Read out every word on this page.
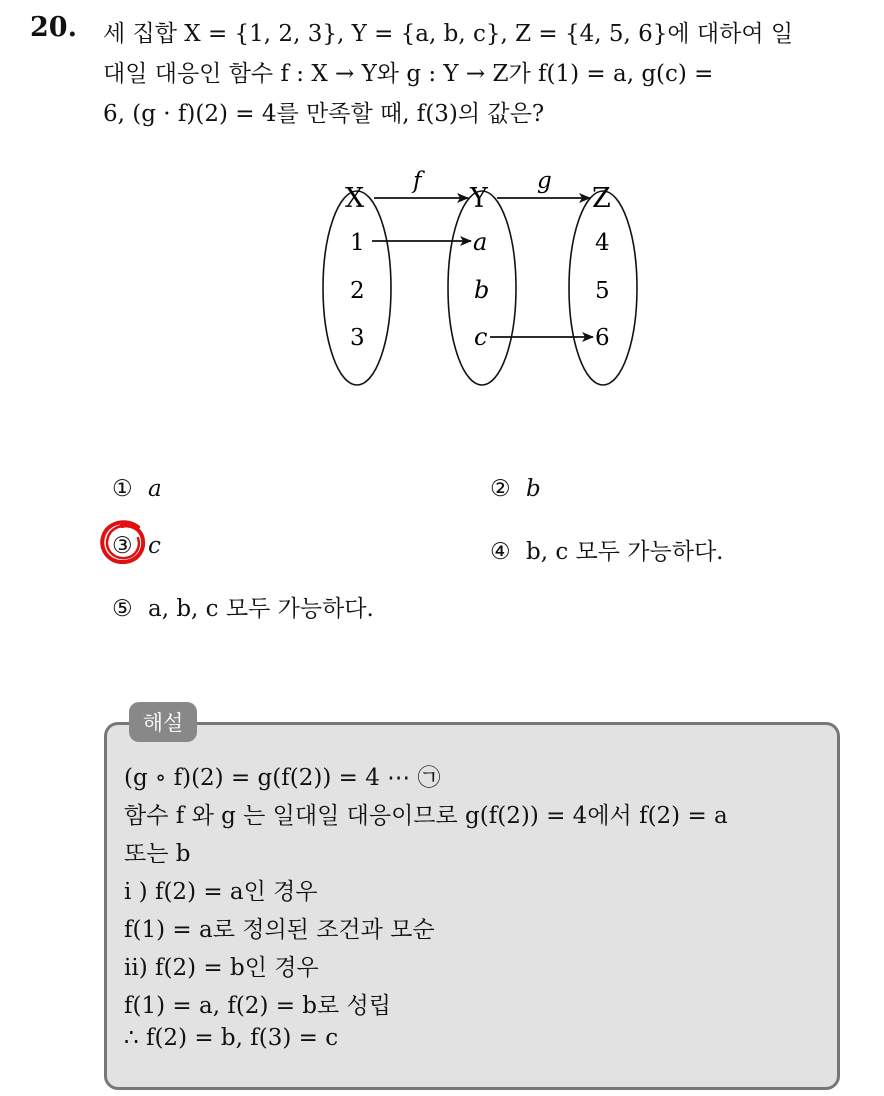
20. 세 집합 X = {1, 2, 3}, Y = {a, b, c}, Z = {4, 5, 6}에 대하여 일
대일 대응인 함수 f : X → Y와 g : Y → Z가 f(1) = a, g(c) =
6, (g · f)(2) = 4를 만족할 때, f(3)의 값은?
X	Y	Z
f	g
1
2
3
a
b
c
4
5
6
① a	② b
③ c	④ b, c 모두 가능하다.
⑤ a, b, c 모두 가능하다.
해설
(g ∘ f)(2) = g(f(2)) = 4 ⋯ ㉠
함수 f 와 g 는 일대일 대응이므로 g(f(2)) = 4에서 f(2) = a
또는 b
i ) f(2) = a인 경우
f(1) = a로 정의된 조건과 모순
ii) f(2) = b인 경우
f(1) = a, f(2) = b로 성립
∴ f(2) = b, f(3) = c
